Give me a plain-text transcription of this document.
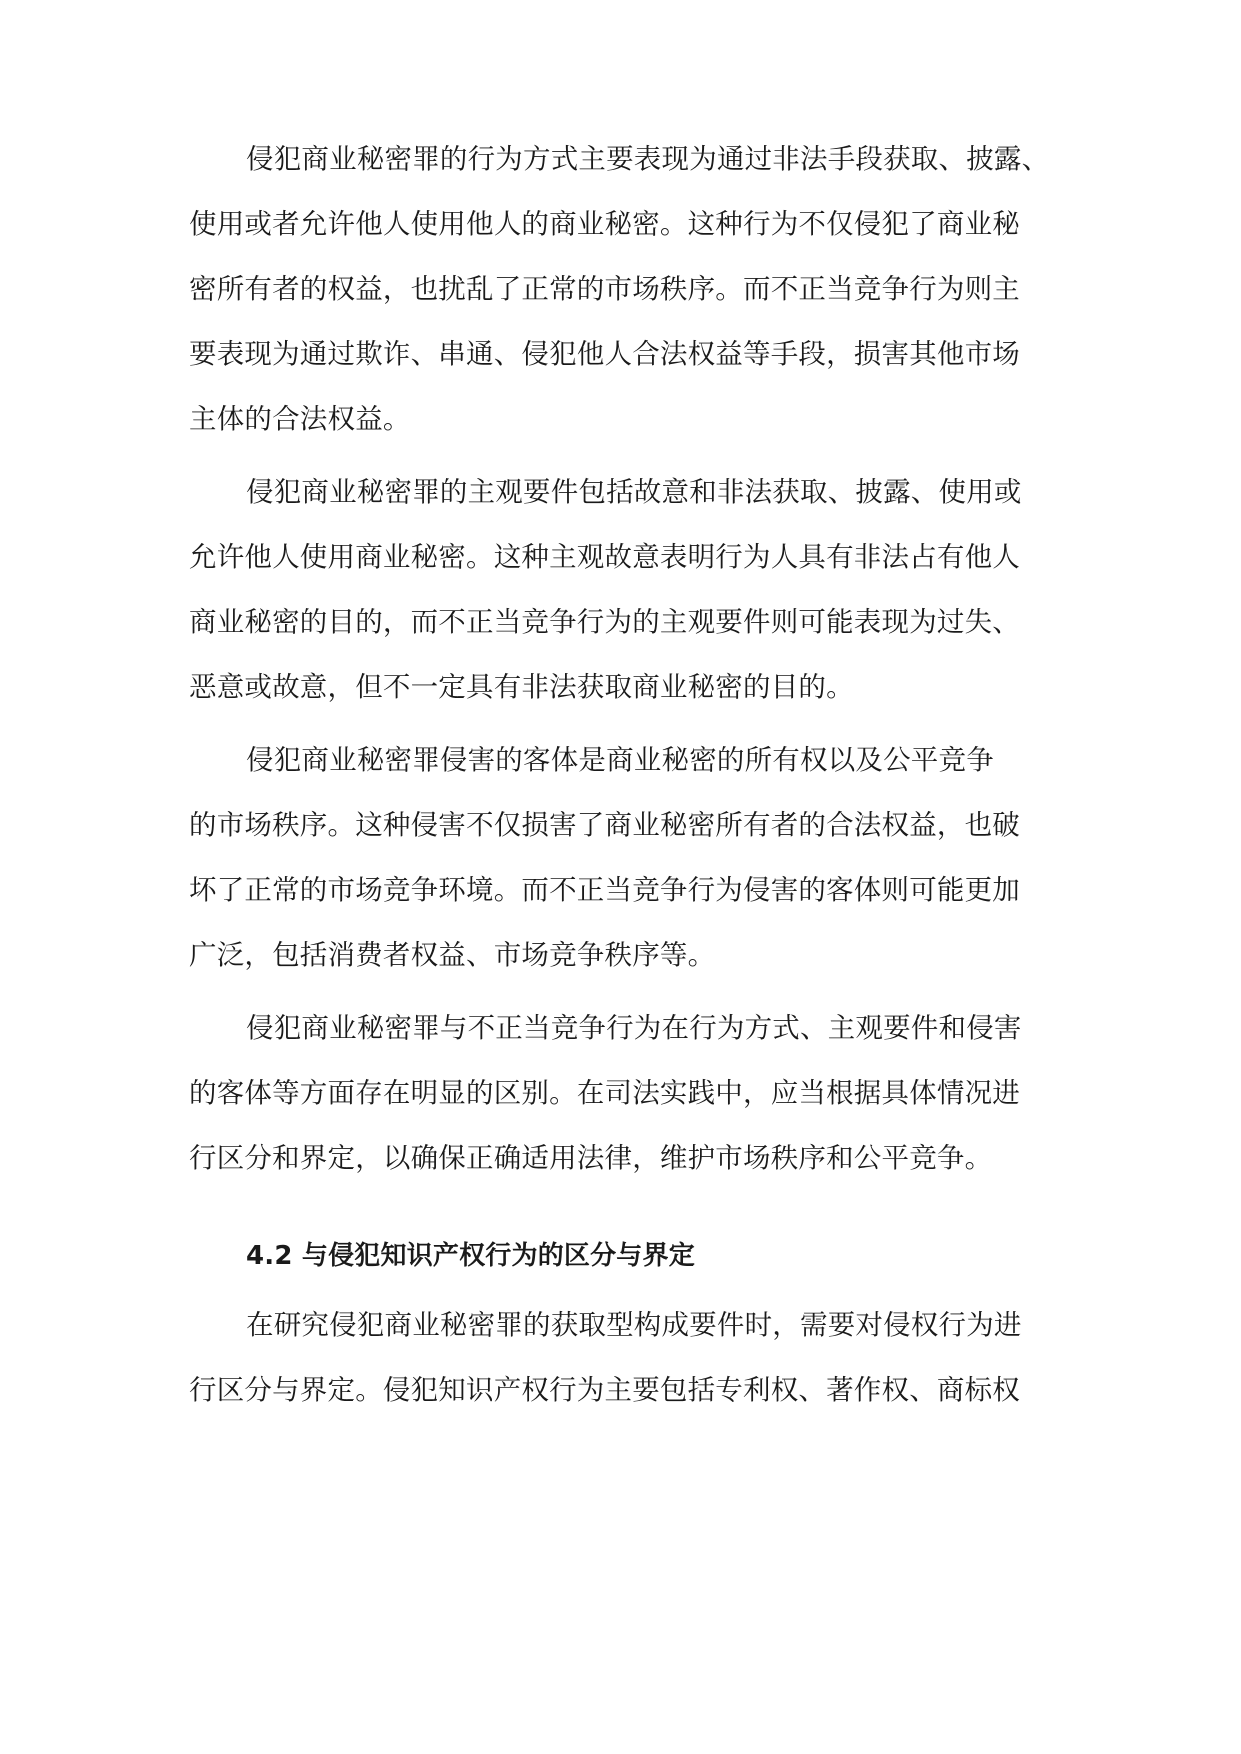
侵犯商业秘密罪的行为方式主要表现为通过非法手段获取、披露、
使用或者允许他人使用他人的商业秘密。这种行为不仅侵犯了商业秘
密所有者的权益，也扰乱了正常的市场秩序。而不正当竞争行为则主
要表现为通过欺诈、串通、侵犯他人合法权益等手段，损害其他市场
主体的合法权益。
侵犯商业秘密罪的主观要件包括故意和非法获取、披露、使用或
允许他人使用商业秘密。这种主观故意表明行为人具有非法占有他人
商业秘密的目的，而不正当竞争行为的主观要件则可能表现为过失、
恶意或故意，但不一定具有非法获取商业秘密的目的。
侵犯商业秘密罪侵害的客体是商业秘密的所有权以及公平竞争
的市场秩序。这种侵害不仅损害了商业秘密所有者的合法权益，也破
坏了正常的市场竞争环境。而不正当竞争行为侵害的客体则可能更加
广泛，包括消费者权益、市场竞争秩序等。
侵犯商业秘密罪与不正当竞争行为在行为方式、主观要件和侵害
的客体等方面存在明显的区别。在司法实践中，应当根据具体情况进
行区分和界定，以确保正确适用法律，维护市场秩序和公平竞争。
4.2 与侵犯知识产权行为的区分与界定
在研究侵犯商业秘密罪的获取型构成要件时，需要对侵权行为进
行区分与界定。侵犯知识产权行为主要包括专利权、著作权、商标权
